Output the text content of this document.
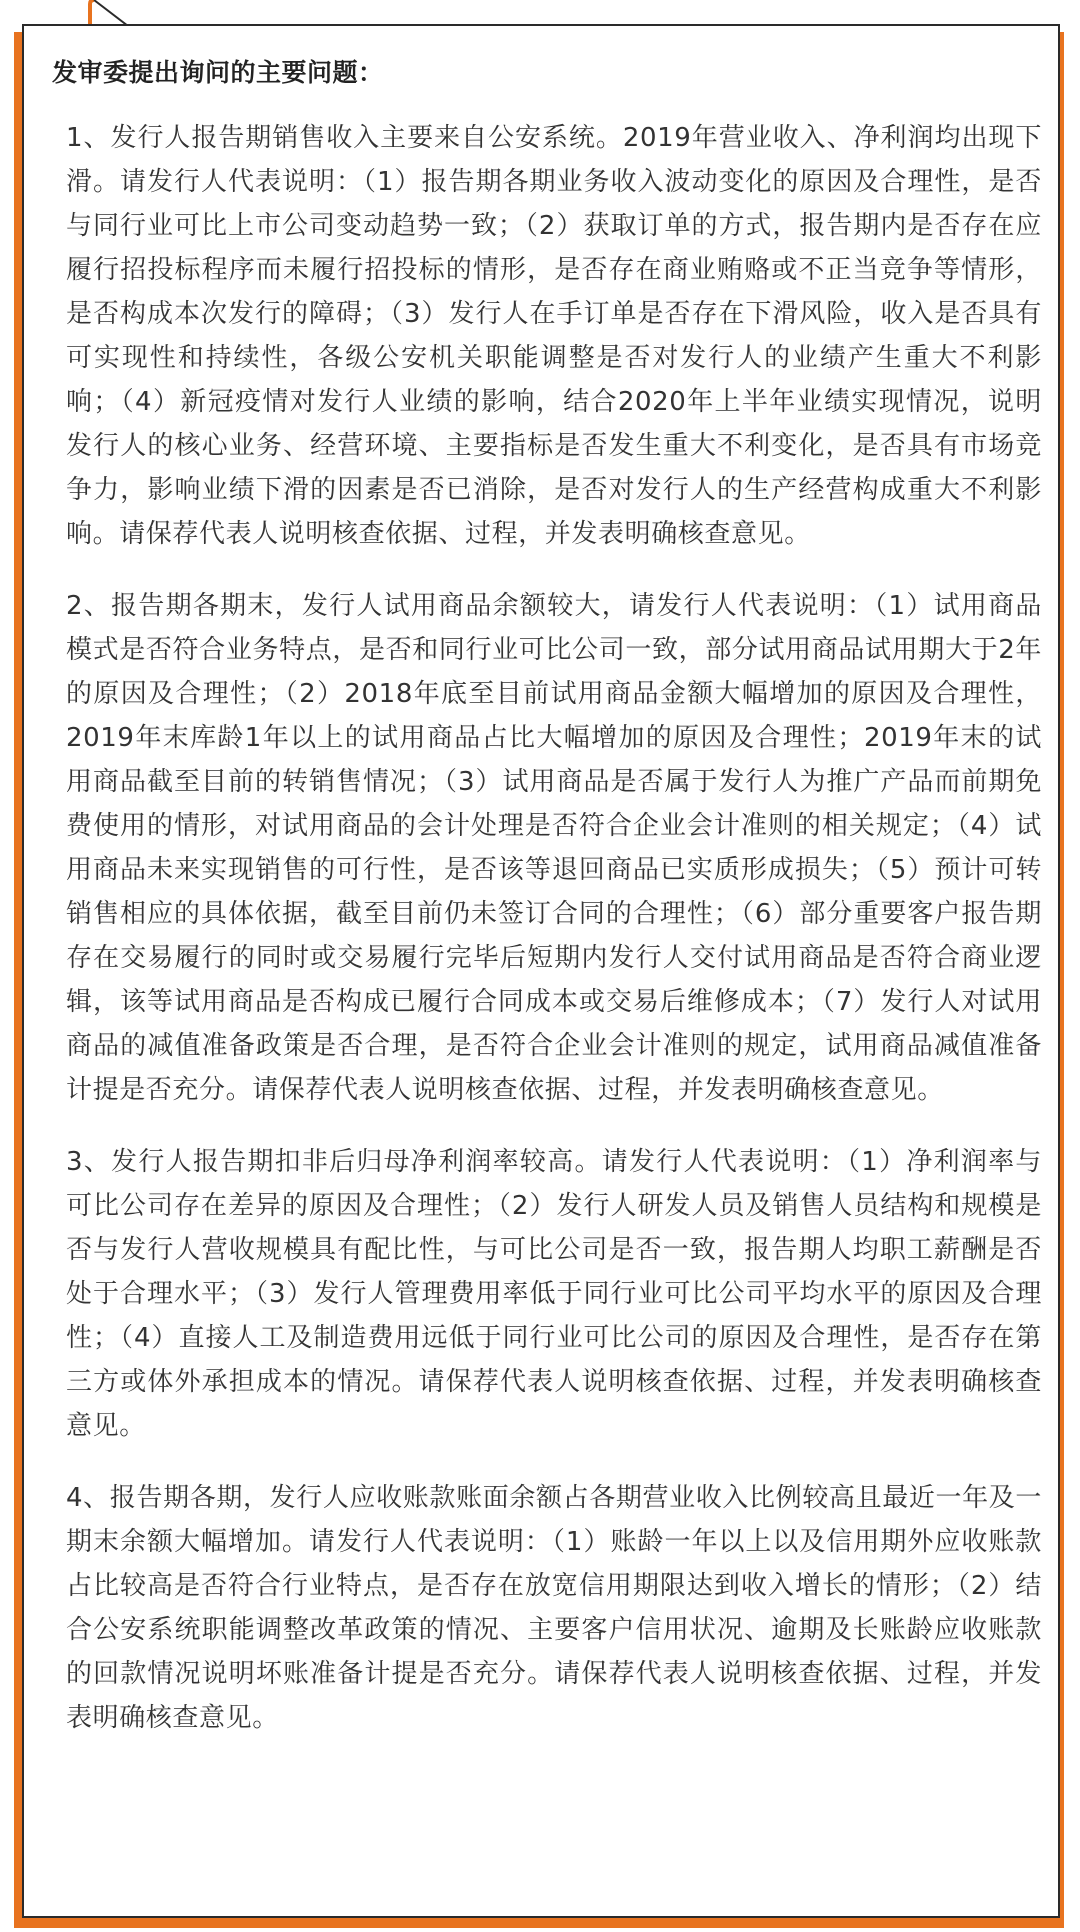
发审委提出询问的主要问题：

1、发行人报告期销售收入主要来自公安系统。2019年营业收入、净利润均出现下滑。请发行人代表说明：（1）报告期各期业务收入波动变化的原因及合理性，是否与同行业可比上市公司变动趋势一致；（2）获取订单的方式，报告期内是否存在应履行招投标程序而未履行招投标的情形，是否存在商业贿赂或不正当竞争等情形，是否构成本次发行的障碍；（3）发行人在手订单是否存在下滑风险，收入是否具有可实现性和持续性，各级公安机关职能调整是否对发行人的业绩产生重大不利影响；（4）新冠疫情对发行人业绩的影响，结合2020年上半年业绩实现情况，说明发行人的核心业务、经营环境、主要指标是否发生重大不利变化，是否具有市场竞争力，影响业绩下滑的因素是否已消除，是否对发行人的生产经营构成重大不利影响。请保荐代表人说明核查依据、过程，并发表明确核查意见。

2、报告期各期末，发行人试用商品余额较大，请发行人代表说明：（1）试用商品模式是否符合业务特点，是否和同行业可比公司一致，部分试用商品试用期大于2年的原因及合理性；（2）2018年底至目前试用商品金额大幅增加的原因及合理性，2019年末库龄1年以上的试用商品占比大幅增加的原因及合理性；2019年末的试用商品截至目前的转销售情况；（3）试用商品是否属于发行人为推广产品而前期免费使用的情形，对试用商品的会计处理是否符合企业会计准则的相关规定；（4）试用商品未来实现销售的可行性，是否该等退回商品已实质形成损失；（5）预计可转销售相应的具体依据，截至目前仍未签订合同的合理性；（6）部分重要客户报告期存在交易履行的同时或交易履行完毕后短期内发行人交付试用商品是否符合商业逻辑，该等试用商品是否构成已履行合同成本或交易后维修成本；（7）发行人对试用商品的减值准备政策是否合理，是否符合企业会计准则的规定，试用商品减值准备计提是否充分。请保荐代表人说明核查依据、过程，并发表明确核查意见。

3、发行人报告期扣非后归母净利润率较高。请发行人代表说明：（1）净利润率与可比公司存在差异的原因及合理性；（2）发行人研发人员及销售人员结构和规模是否与发行人营收规模具有配比性，与可比公司是否一致，报告期人均职工薪酬是否处于合理水平；（3）发行人管理费用率低于同行业可比公司平均水平的原因及合理性；（4）直接人工及制造费用远低于同行业可比公司的原因及合理性，是否存在第三方或体外承担成本的情况。请保荐代表人说明核查依据、过程，并发表明确核查意见。

4、报告期各期，发行人应收账款账面余额占各期营业收入比例较高且最近一年及一期末余额大幅增加。请发行人代表说明：（1）账龄一年以上以及信用期外应收账款占比较高是否符合行业特点，是否存在放宽信用期限达到收入增长的情形；（2）结合公安系统职能调整改革政策的情况、主要客户信用状况、逾期及长账龄应收账款的回款情况说明坏账准备计提是否充分。请保荐代表人说明核查依据、过程，并发表明确核查意见。
